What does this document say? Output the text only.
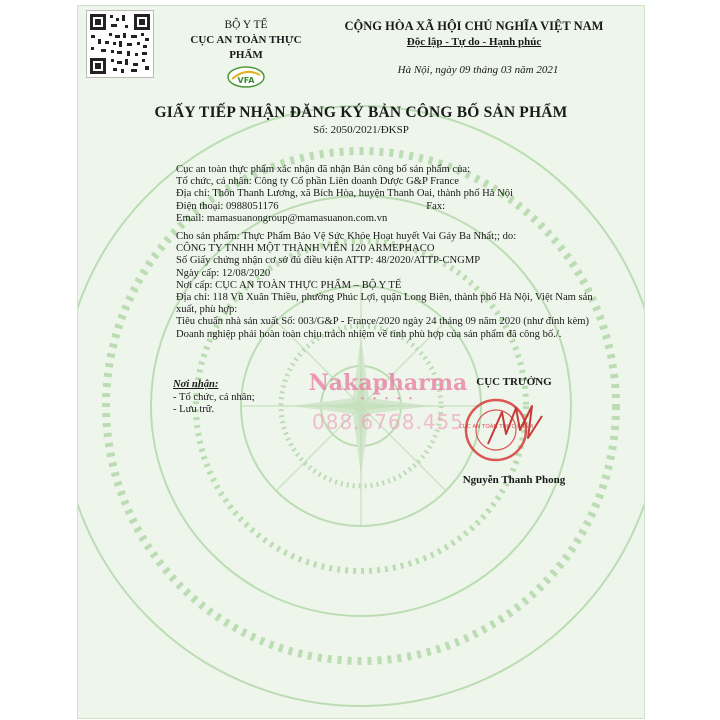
BỘ Y TẾ
CỤC AN TOÀN THỰC PHẨM
VFA
CỘNG HÒA XÃ HỘI CHỦ NGHĨA VIỆT NAM
Độc lập - Tự do - Hạnh phúc
Hà Nội, ngày 09 tháng 03 năm 2021
GIẤY TIẾP NHẬN ĐĂNG KÝ BẢN CÔNG BỐ SẢN PHẨM
Số: 2050/2021/ĐKSP

Cục an toàn thực phẩm xác nhận đã nhận Bản công bố sản phẩm của:

Tổ chức, cá nhân: Công ty Cổ phần Liên doanh Dược G&P France

Địa chỉ: Thôn Thanh Lương, xã Bích Hòa, huyện Thanh Oai, thành phố Hà Nội

Điện thoại: 0988051176	Fax:

Email: mamasuanongroup@mamasuanon.com.vn

Cho sản phẩm: Thực Phẩm Bảo Vệ Sức Khỏe Hoạt huyết Vai Gáy Ba Nhất;; do:

CÔNG TY TNHH MỘT THÀNH VIÊN 120 ARMEPHACO

Số Giấy chứng nhận cơ sở đủ điều kiện ATTP: 48/2020/ATTP-CNGMP

Ngày cấp: 12/08/2020

Nơi cấp: CỤC AN TOÀN THỰC PHẨM – BỘ Y TẾ

Địa chỉ: 118 Vũ Xuân Thiều, phường Phúc Lợi, quận Long Biên, thành phố Hà Nội, Việt Nam sản xuất, phù hợp:

Tiêu chuẩn nhà sản xuất Số: 003/G&P - France/2020 ngày 24 tháng 09 năm 2020 (như đính kèm)

Doanh nghiệp phải hoàn toàn chịu trách nhiệm về tính phù hợp của sản phẩm đã công bố./.

Nơi nhận:
- Tổ chức, cá nhân;
- Lưu trữ.
CỤC TRƯỞNG
CỤC AN TOÀN THỰC PHẨM
Nguyễn Thanh Phong
Nakapharma
• • • • •
088.6768.455
